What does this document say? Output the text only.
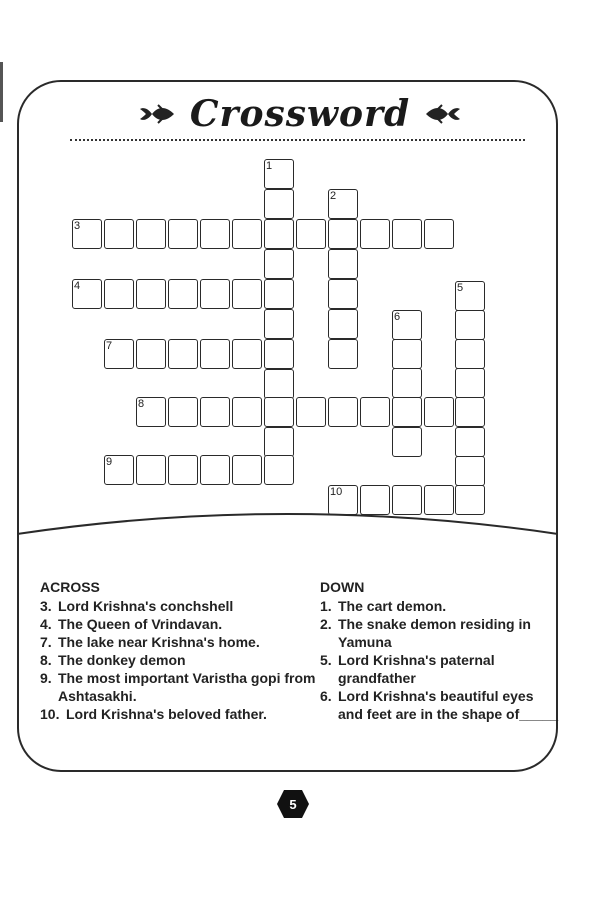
Crossword
1
2
3
4
7
8
9
5
6
10
ACROSS
3. Lord Krishna's conchshell
4. The Queen of Vrindavan.
7. The lake near Krishna's home.
8. The donkey demon
9. The most important Varistha gopi from Ashtasakhi.
10. Lord Krishna's beloved father.
DOWN
1. The cart demon.
2. The snake demon residing in Yamuna
5. Lord Krishna's paternal grandfather
6. Lord Krishna's beautiful eyes and feet are in the shape of_____
5
